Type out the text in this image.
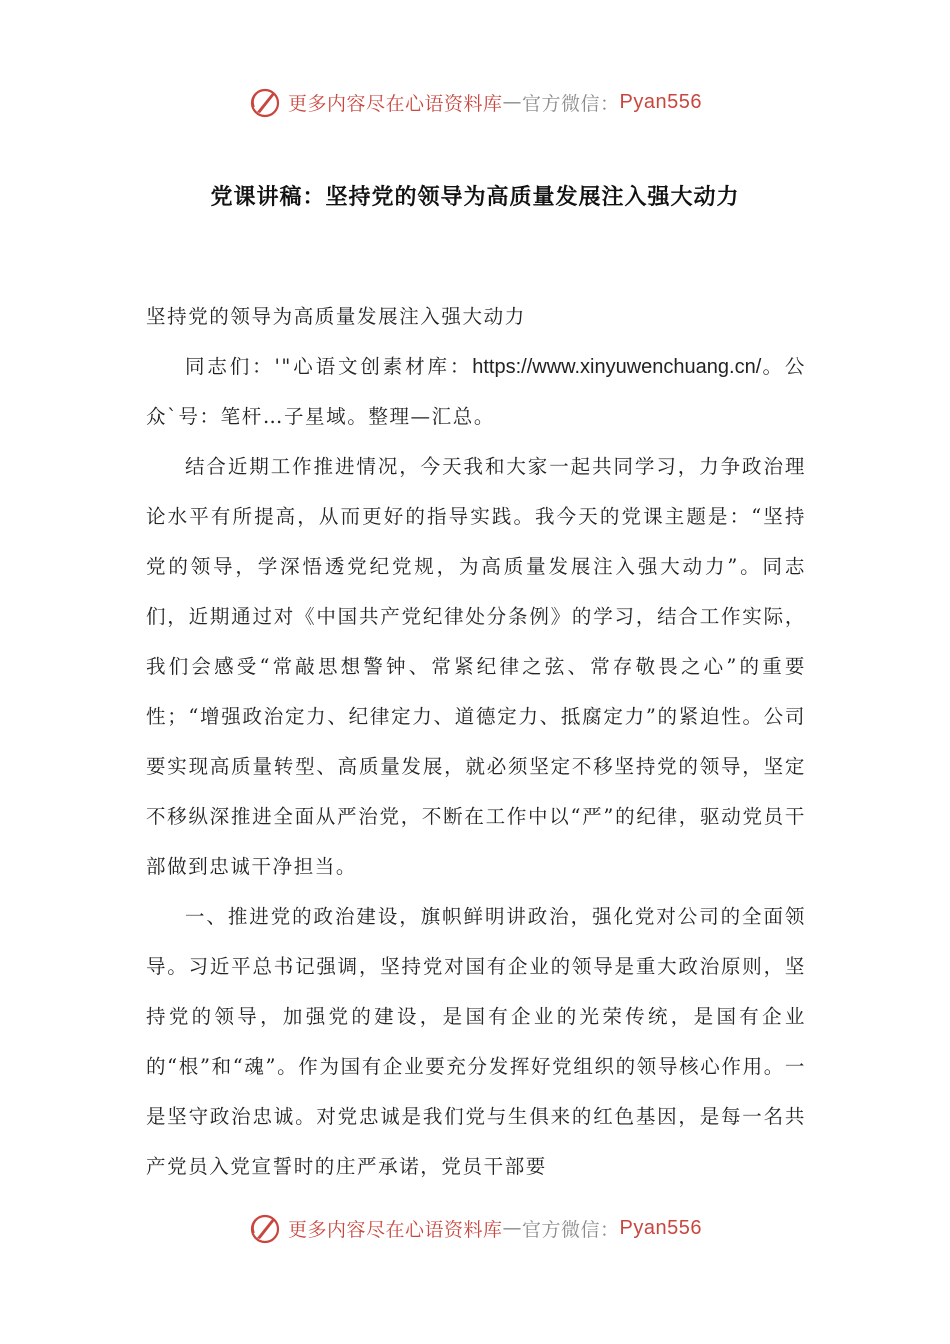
更多内容尽在心语资料库 — 官方微信： Pyan556
党课讲稿：坚持党的领导为高质量发展注入强大动力

坚持党的领导为高质量发展注入强大动力

同志们：'"心语文创素材库：https://www.xinyuwenchuang.cn/。公众`号：笔杆…子星域。整理—汇总。

结合近期工作推进情况，今天我和大家一起共同学习，力争政治理论水平有所提高，从而更好的指导实践。我今天的党课主题是：“坚持党的领导，学深悟透党纪党规，为高质量发展注入强大动力”。同志们，近期通过对《中国共产党纪律处分条例》的学习，结合工作实际，我们会感受“常敲思想警钟、常紧纪律之弦、常存敬畏之心”的重要性；“增强政治定力、纪律定力、道德定力、抵腐定力”的紧迫性。公司要实现高质量转型、高质量发展，就必须坚定不移坚持党的领导，坚定不移纵深推进全面从严治党，不断在工作中以“严”的纪律，驱动党员干部做到忠诚干净担当。

一、推进党的政治建设，旗帜鲜明讲政治，强化党对公司的全面领导。习近平总书记强调，坚持党对国有企业的领导是重大政治原则，坚持党的领导，加强党的建设，是国有企业的光荣传统，是国有企业的“根”和“魂”。作为国有企业要充分发挥好党组织的领导核心作用。一是坚守政治忠诚。对党忠诚是我们党与生俱来的红色基因，是每一名共产党员入党宣誓时的庄严承诺，党员干部要

更多内容尽在心语资料库 — 官方微信： Pyan556
